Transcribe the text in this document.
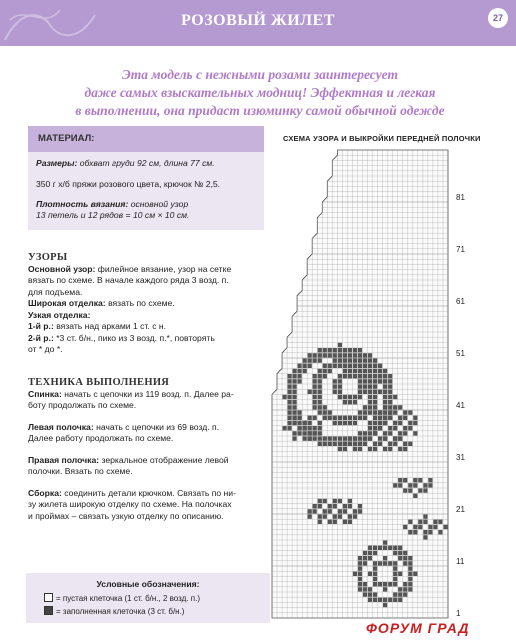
РОЗОВЫЙ ЖИЛЕТ	27
Эта модель с нежными розами заинтересует
даже самых взыскательных модниц! Эффектная и легкая
в выполнении, она придаст изюминку самой обычной одежде
МАТЕРИАЛ:
Размеры: обхват груди 92 см, длина 77 см.
350 г х/б пряжи розового цвета, крючок № 2,5.
Плотность вязания: основной узор
13 петель и 12 рядов = 10 см × 10 см.

УЗОРЫ

Основной узор: филейное вязание, узор на сетке

вязать по схеме. В начале каждого ряда 3 возд. п.

для подъема.

Широкая отделка: вязать по схеме.

Узкая отделка:

1-й р.: вязать над арками 1 ст. с н.

2-й р.: *3 ст. б/н., пико из 3 возд. п.*, повторять

от * до *.

ТЕХНИКА ВЫПОЛНЕНИЯ

Спинка: начать с цепочки из 119 возд. п. Далее ра-

боту продолжать по схеме.

Левая полочка: начать с цепочки из 69 возд. п.

Далее работу продолжать по схеме.

Правая полочка: зеркальное отображение левой

полочки. Вязать по схеме.

Сборка: соединить детали крючком. Связать по ни-

зу жилета широкую отделку по схеме. На полочках

и проймах – связать узкую отделку по описанию.

Условные обозначения:
= пустая клеточка (1 ст. б/н., 2 возд. п.)
= заполненная клеточка (3 ст. б/н.)
СХЕМА УЗОРА И ВЫКРОЙКИ ПЕРЕДНЕЙ ПОЛОЧКИ
81
71
61
51
41
31
21
11
1
ФОРУМ ГРАД
